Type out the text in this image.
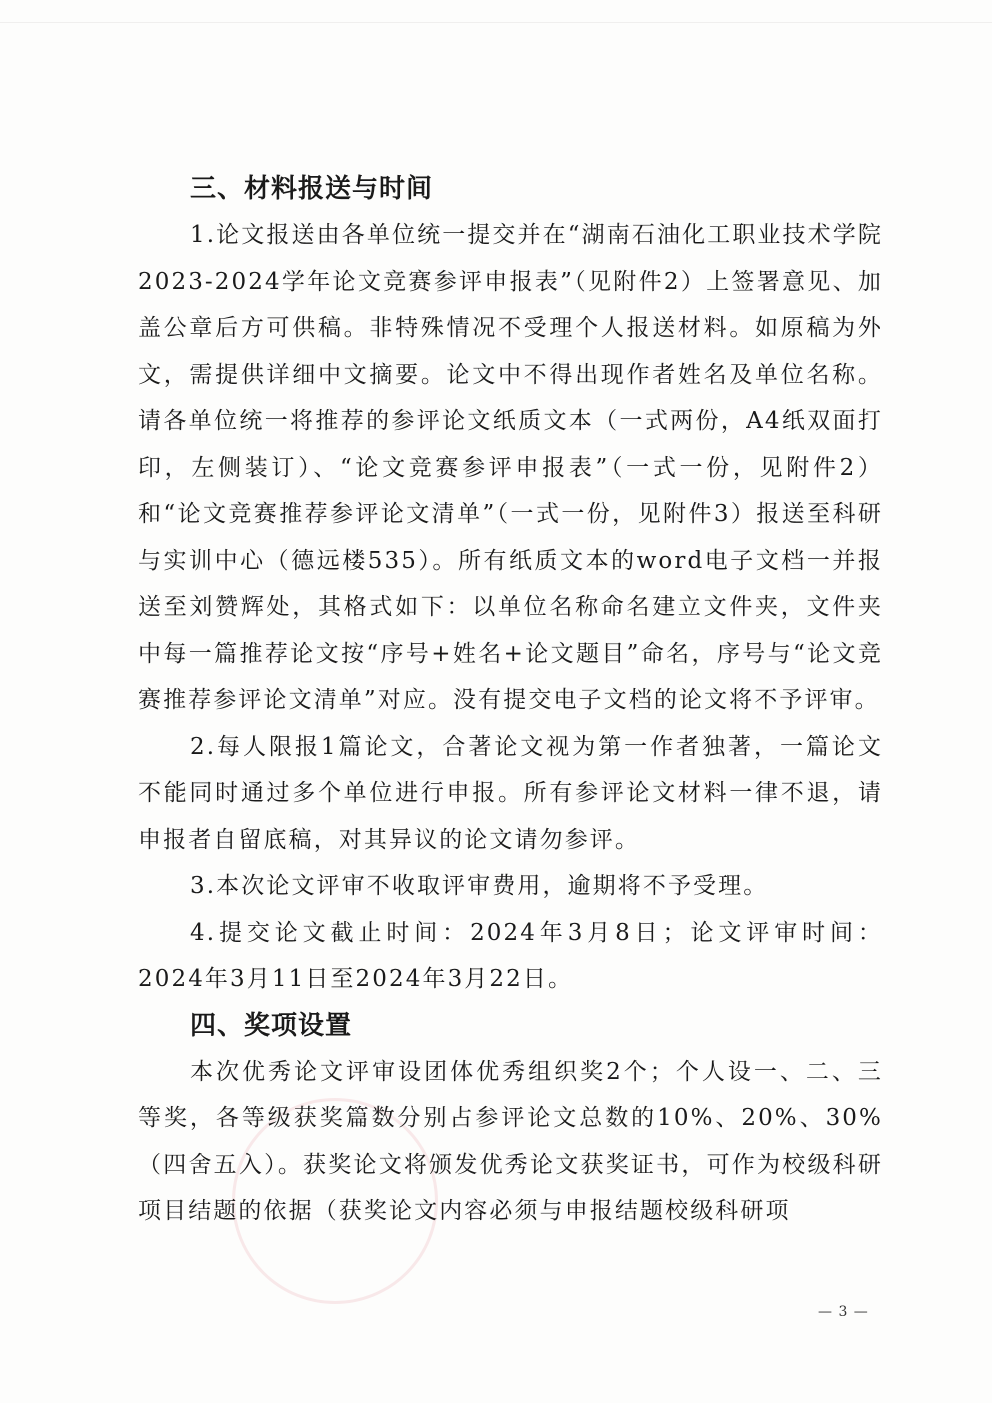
三、材料报送与时间

1.论文报送由各单位统一提交并在“湖南石油化工职业技术学院2023-2024学年论文竞赛参评申报表”（见附件2）上签署意见、加盖公章后方可供稿。非特殊情况不受理个人报送材料。如原稿为外文，需提供详细中文摘要。论文中不得出现作者姓名及单位名称。请各单位统一将推荐的参评论文纸质文本（一式两份，A4纸双面打印，左侧装订）、“论文竞赛参评申报表”（一式一份，见附件2）和“论文竞赛推荐参评论文清单”（一式一份，见附件3）报送至科研与实训中心（德远楼535）。所有纸质文本的word电子文档一并报送至刘赞辉处，其格式如下：以单位名称命名建立文件夹，文件夹中每一篇推荐论文按“序号+姓名+论文题目”命名，序号与“论文竞赛推荐参评论文清单”对应。没有提交电子文档的论文将不予评审。

2.每人限报1篇论文，合著论文视为第一作者独著，一篇论文不能同时通过多个单位进行申报。所有参评论文材料一律不退，请申报者自留底稿，对其异议的论文请勿参评。

3.本次论文评审不收取评审费用，逾期将不予受理。

4.提交论文截止时间：2024年3月8日；论文评审时间：2024年3月11日至2024年3月22日。

四、奖项设置

本次优秀论文评审设团体优秀组织奖2个；个人设一、二、三等奖，各等级获奖篇数分别占参评论文总数的10%、20%、30%（四舍五入）。获奖论文将颁发优秀论文获奖证书，可作为校级科研项目结题的依据（获奖论文内容必须与申报结题校级科研项

— 3 —
